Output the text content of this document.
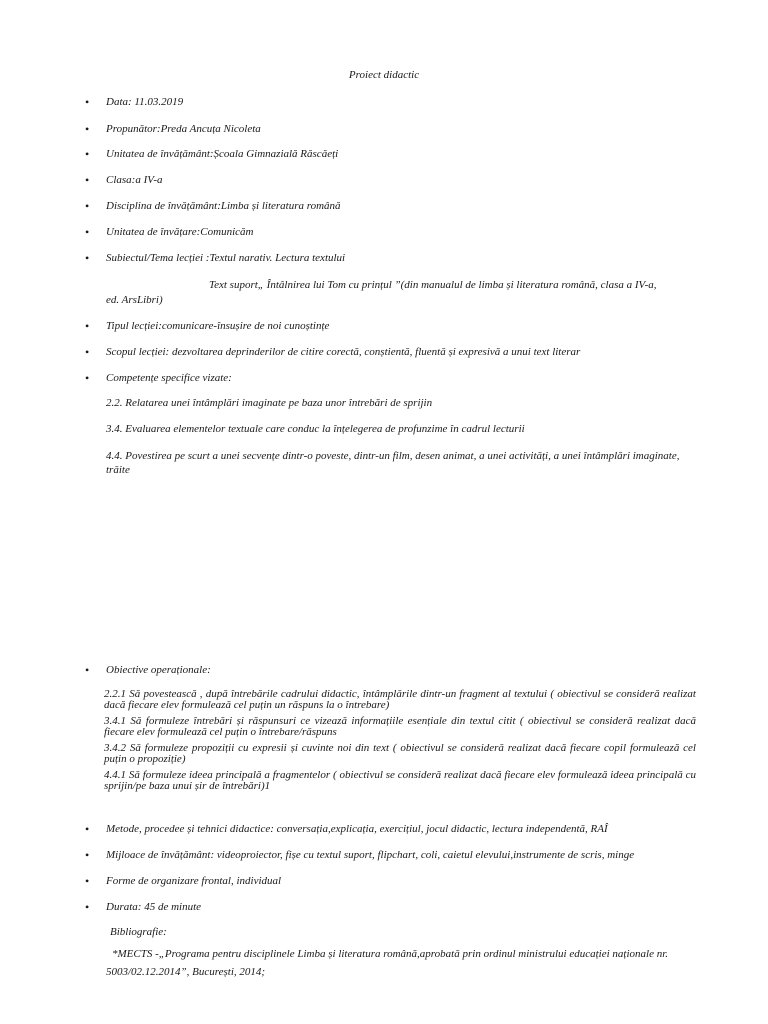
Proiect didactic
• Data: 11.03.2019
• Propunător:Preda Ancuța Nicoleta
• Unitatea de învățământ:Școala Gimnazială Răscăeți
• Clasa:a IV-a
• Disciplina de învățământ:Limba și literatura română
• Unitatea de învățare:Comunicăm
• Subiectul/Tema lecției :Textul narativ. Lectura textului
Text suport„ Întâlnirea lui Tom cu prințul ”(din manualul de limba și literatura română, clasa a IV-a,
ed. ArsLibri)
• Tipul lecției:comunicare-însușire de noi cunoștințe
• Scopul lecției: dezvoltarea deprinderilor de citire corectă, conștientă, fluentă și expresivă a unui text literar
• Competențe specifice vizate:
2.2. Relatarea unei întâmplări imaginate pe baza unor întrebări de sprijin
3.4. Evaluarea elementelor textuale care conduc la înțelegerea de profunzime în cadrul lecturii
4.4. Povestirea pe scurt a unei secvențe dintr-o poveste, dintr-un film, desen animat, a unei activități, a unei întâmplări imaginate, trăite
• Obiective operaționale:
2.2.1 Să povestească , după întrebările cadrului didactic, întâmplările dintr-un fragment al textului ( obiectivul se consideră realizat dacă fiecare elev formulează cel puțin un răspuns la o întrebare)
3.4.1 Să formuleze întrebări și răspunsuri ce vizează informațiile esențiale din textul citit ( obiectivul se consideră realizat dacă fiecare elev formulează cel puțin o întrebare/răspuns
3.4.2 Să formuleze propoziții cu expresii și cuvinte noi din text ( obiectivul se consideră realizat dacă fiecare copil formulează cel puțin o propoziție)
4.4.1 Să formuleze ideea principală a fragmentelor ( obiectivul se consideră realizat dacă fiecare elev formulează ideea principală cu sprijin/pe baza unui șir de întrebări)1
• Metode, procedee și tehnici didactice: conversația,explicația, exercițiul, jocul didactic, lectura independentă, RAÎ
• Mijloace de învățământ: videoproiector, fișe cu textul suport, flipchart, coli, caietul elevului,instrumente de scris, minge
• Forme de organizare frontal, individual
• Durata: 45 de minute
Bibliografie:
*MECTS -„Programa pentru disciplinele Limba și literatura română,aprobată prin ordinul ministrului educației naționale nr. 5003/02.12.2014”, București, 2014;
